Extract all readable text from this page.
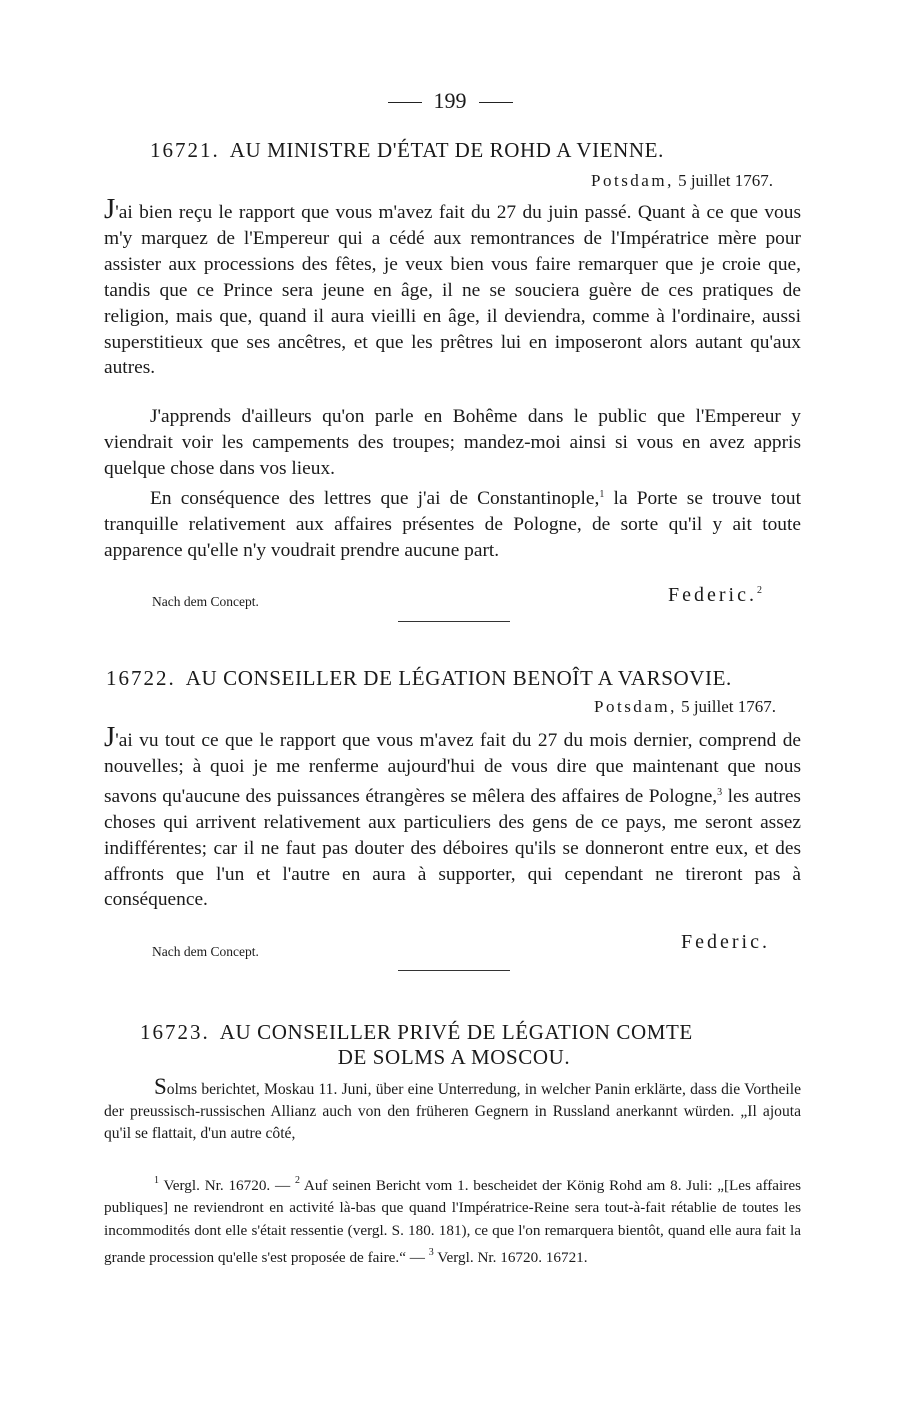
199
16721. AU MINISTRE D'ÉTAT DE ROHD A VIENNE.
Potsdam, 5 juillet 1767.

J'ai bien reçu le rapport que vous m'avez fait du 27 du juin passé. Quant à ce que vous m'y marquez de l'Empereur qui a cédé aux remontrances de l'Impératrice mère pour assister aux processions des fêtes, je veux bien vous faire remarquer que je croie que, tandis que ce Prince sera jeune en âge, il ne se souciera guère de ces pratiques de religion, mais que, quand il aura vieilli en âge, il deviendra, comme à l'ordinaire, aussi superstitieux que ses ancêtres, et que les prêtres lui en imposeront alors autant qu'aux autres.

J'apprends d'ailleurs qu'on parle en Bohême dans le public que l'Empereur y viendrait voir les campements des troupes; mandez-moi ainsi si vous en avez appris quelque chose dans vos lieux.

En conséquence des lettres que j'ai de Constantinople,$^1$ la Porte se trouve tout tranquille relativement aux affaires présentes de Pologne, de sorte qu'il y ait toute apparence qu'elle n'y voudrait prendre aucune part.

Nach dem Concept.	Federic.$^2$
16722. AU CONSEILLER DE LÉGATION BENOÎT A VARSOVIE.
Potsdam, 5 juillet 1767.

J'ai vu tout ce que le rapport que vous m'avez fait du 27 du mois dernier, comprend de nouvelles; à quoi je me renferme aujourd'hui de vous dire que maintenant que nous savons qu'aucune des puissances étrangères se mêlera des affaires de Pologne,$^3$ les autres choses qui arrivent relativement aux particuliers des gens de ce pays, me seront assez indifférentes; car il ne faut pas douter des déboires qu'ils se donneront entre eux, et des affronts que l'un et l'autre en aura à supporter, qui cependant ne tireront pas à conséquence.

Nach dem Concept.	Federic.
16723. AU CONSEILLER PRIVÉ DE LÉGATION COMTE
DE SOLMS A MOSCOU.

Solms berichtet, Moskau 11. Juni, über eine Unterredung, in welcher Panin erklärte, dass die Vortheile der preussisch-russischen Allianz auch von den früheren Gegnern in Russland anerkannt würden. „Il ajouta qu'il se flattait, d'un autre côté,

$^1$ Vergl. Nr. 16720. — $^2$ Auf seinen Bericht vom 1. bescheidet der König Rohd am 8. Juli: „[Les affaires publiques] ne reviendront en activité là-bas que quand l'Impératrice-Reine sera tout-à-fait rétablie de toutes les incommodités dont elle s'était ressentie (vergl. S. 180. 181), ce que l'on remarquera bientôt, quand elle aura fait la grande procession qu'elle s'est proposée de faire.“ — $^3$ Vergl. Nr. 16720. 16721.
